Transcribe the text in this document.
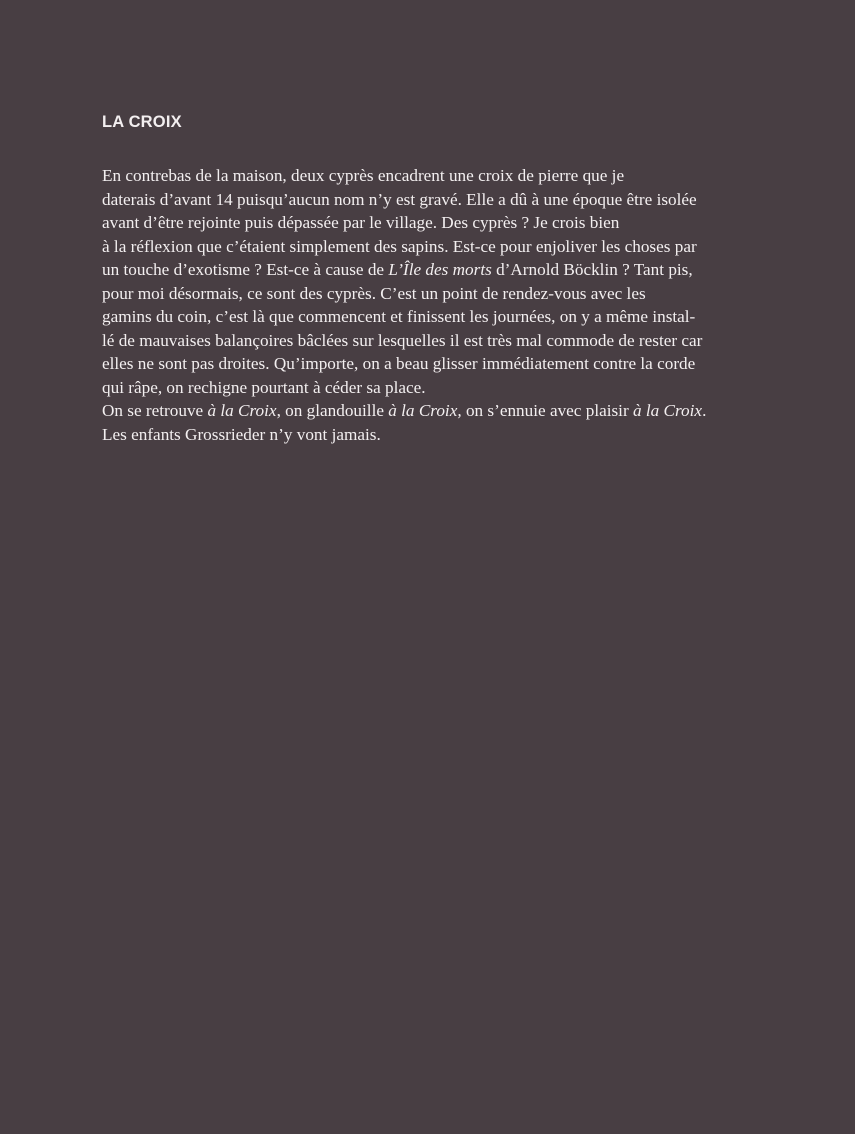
LA CROIX

En contrebas de la maison, deux cyprès encadrent une croix de pierre que je
daterais d’avant 14 puisqu’aucun nom n’y est gravé. Elle a dû à une époque être isolée
avant d’être rejointe puis dépassée par le village. Des cyprès ? Je crois bien
à la réflexion que c’étaient simplement des sapins. Est-ce pour enjoliver les choses par
un touche d’exotisme ? Est-ce à cause de L’Île des morts d’Arnold Böcklin ? Tant pis,
pour moi désormais, ce sont des cyprès. C’est un point de rendez-vous avec les
gamins du coin, c’est là que commencent et finissent les journées, on y a même instal-
lé de mauvaises balançoires bâclées sur lesquelles il est très mal commode de rester car
elles ne sont pas droites. Qu’importe, on a beau glisser immédiatement contre la corde
qui râpe, on rechigne pourtant à céder sa place.
On se retrouve à la Croix, on glandouille à la Croix, on s’ennuie avec plaisir à la Croix.
Les enfants Grossrieder n’y vont jamais.
